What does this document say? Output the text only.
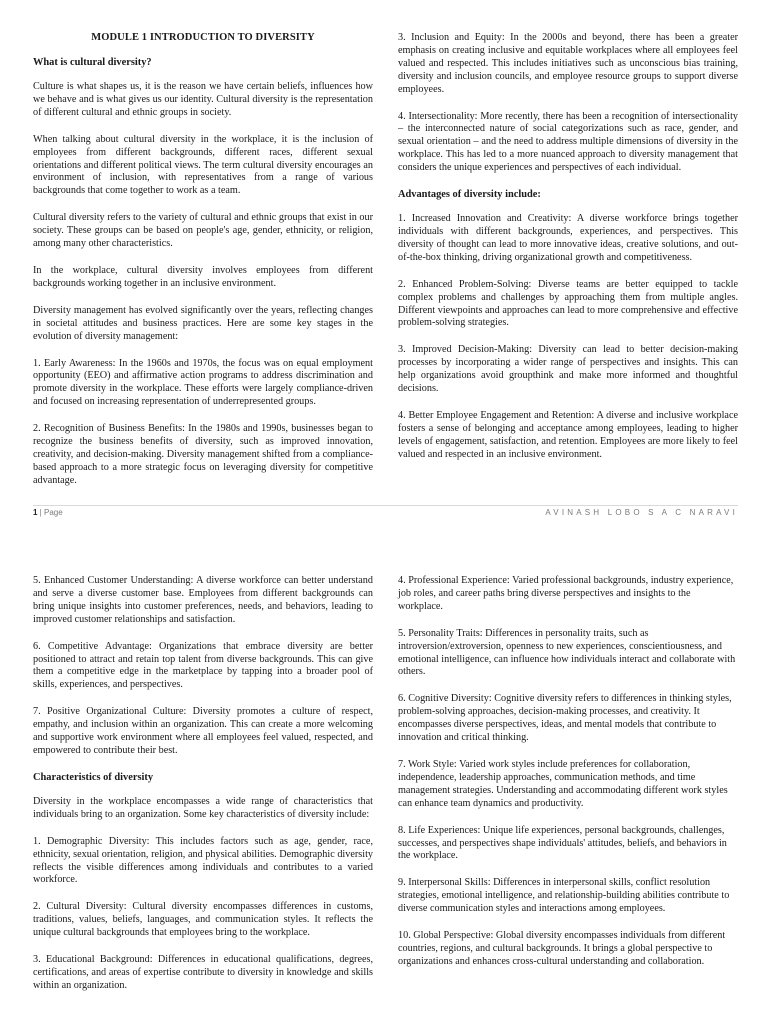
MODULE 1 INTRODUCTION TO DIVERSITY
What is cultural diversity?

Culture is what shapes us, it is the reason we have certain beliefs, influences how we behave and is what gives us our identity. Cultural diversity is the representation of different cultural and ethnic groups in society.

When talking about cultural diversity in the workplace, it is the inclusion of employees from different backgrounds, different races, different sexual orientations and different political views. The term cultural diversity encourages an environment of inclusion, with representatives from a range of various backgrounds that come together to work as a team.

Cultural diversity refers to the variety of cultural and ethnic groups that exist in our society. These groups can be based on people's age, gender, ethnicity, or religion, among many other characteristics.

In the workplace, cultural diversity involves employees from different backgrounds working together in an inclusive environment.

Diversity management has evolved significantly over the years, reflecting changes in societal attitudes and business practices. Here are some key stages in the evolution of diversity management:

1. Early Awareness: In the 1960s and 1970s, the focus was on equal employment opportunity (EEO) and affirmative action programs to address discrimination and promote diversity in the workplace. These efforts were largely compliance-driven and focused on increasing representation of underrepresented groups.

2. Recognition of Business Benefits: In the 1980s and 1990s, businesses began to recognize the business benefits of diversity, such as improved innovation, creativity, and decision-making. Diversity management shifted from a compliance-based approach to a more strategic focus on leveraging diversity for competitive advantage.

3. Inclusion and Equity: In the 2000s and beyond, there has been a greater emphasis on creating inclusive and equitable workplaces where all employees feel valued and respected. This includes initiatives such as unconscious bias training, diversity and inclusion councils, and employee resource groups to support diverse employees.

4. Intersectionality: More recently, there has been a recognition of intersectionality – the interconnected nature of social categorizations such as race, gender, and sexual orientation – and the need to address multiple dimensions of diversity in the workplace. This has led to a more nuanced approach to diversity management that considers the unique experiences and perspectives of each individual.

Advantages of diversity include:

1. Increased Innovation and Creativity: A diverse workforce brings together individuals with different backgrounds, experiences, and perspectives. This diversity of thought can lead to more innovative ideas, creative solutions, and out-of-the-box thinking, driving organizational growth and competitiveness.

2. Enhanced Problem-Solving: Diverse teams are better equipped to tackle complex problems and challenges by approaching them from multiple angles. Different viewpoints and approaches can lead to more comprehensive and effective problem-solving strategies.

3. Improved Decision-Making: Diversity can lead to better decision-making processes by incorporating a wider range of perspectives and insights. This can help organizations avoid groupthink and make more informed and thoughtful decisions.

4. Better Employee Engagement and Retention: A diverse and inclusive workplace fosters a sense of belonging and acceptance among employees, leading to higher levels of engagement, satisfaction, and retention. Employees are more likely to feel valued and respected in an inclusive environment.

1 | Page	AVINASH LOBO S A C NARAVI

5. Enhanced Customer Understanding: A diverse workforce can better understand and serve a diverse customer base. Employees from different backgrounds can bring unique insights into customer preferences, needs, and behaviors, leading to improved customer relationships and satisfaction.

6. Competitive Advantage: Organizations that embrace diversity are better positioned to attract and retain top talent from diverse backgrounds. This can give them a competitive edge in the marketplace by tapping into a broader pool of skills, experiences, and perspectives.

7. Positive Organizational Culture: Diversity promotes a culture of respect, empathy, and inclusion within an organization. This can create a more welcoming and supportive work environment where all employees feel valued, respected, and empowered to contribute their best.

Characteristics of diversity

Diversity in the workplace encompasses a wide range of characteristics that individuals bring to an organization. Some key characteristics of diversity include:

1. Demographic Diversity: This includes factors such as age, gender, race, ethnicity, sexual orientation, religion, and physical abilities. Demographic diversity reflects the visible differences among individuals and contributes to a varied workforce.

2. Cultural Diversity: Cultural diversity encompasses differences in customs, traditions, values, beliefs, languages, and communication styles. It reflects the unique cultural backgrounds that employees bring to the workplace.

3. Educational Background: Differences in educational qualifications, degrees, certifications, and areas of expertise contribute to diversity in knowledge and skills within an organization.

4. Professional Experience: Varied professional backgrounds, industry experience, job roles, and career paths bring diverse perspectives and insights to the workplace.

5. Personality Traits: Differences in personality traits, such as introversion/extroversion, openness to new experiences, conscientiousness, and emotional intelligence, can influence how individuals interact and collaborate with others.

6. Cognitive Diversity: Cognitive diversity refers to differences in thinking styles, problem-solving approaches, decision-making processes, and creativity. It encompasses diverse perspectives, ideas, and mental models that contribute to innovation and critical thinking.

7. Work Style: Varied work styles include preferences for collaboration, independence, leadership approaches, communication methods, and time management strategies. Understanding and accommodating different work styles can enhance team dynamics and productivity.

8. Life Experiences: Unique life experiences, personal backgrounds, challenges, successes, and perspectives shape individuals' attitudes, beliefs, and behaviors in the workplace.

9. Interpersonal Skills: Differences in interpersonal skills, conflict resolution strategies, emotional intelligence, and relationship-building abilities contribute to diverse communication styles and interactions among employees.

10. Global Perspective: Global diversity encompasses individuals from different countries, regions, and cultural backgrounds. It brings a global perspective to organizations and enhances cross-cultural understanding and collaboration.
